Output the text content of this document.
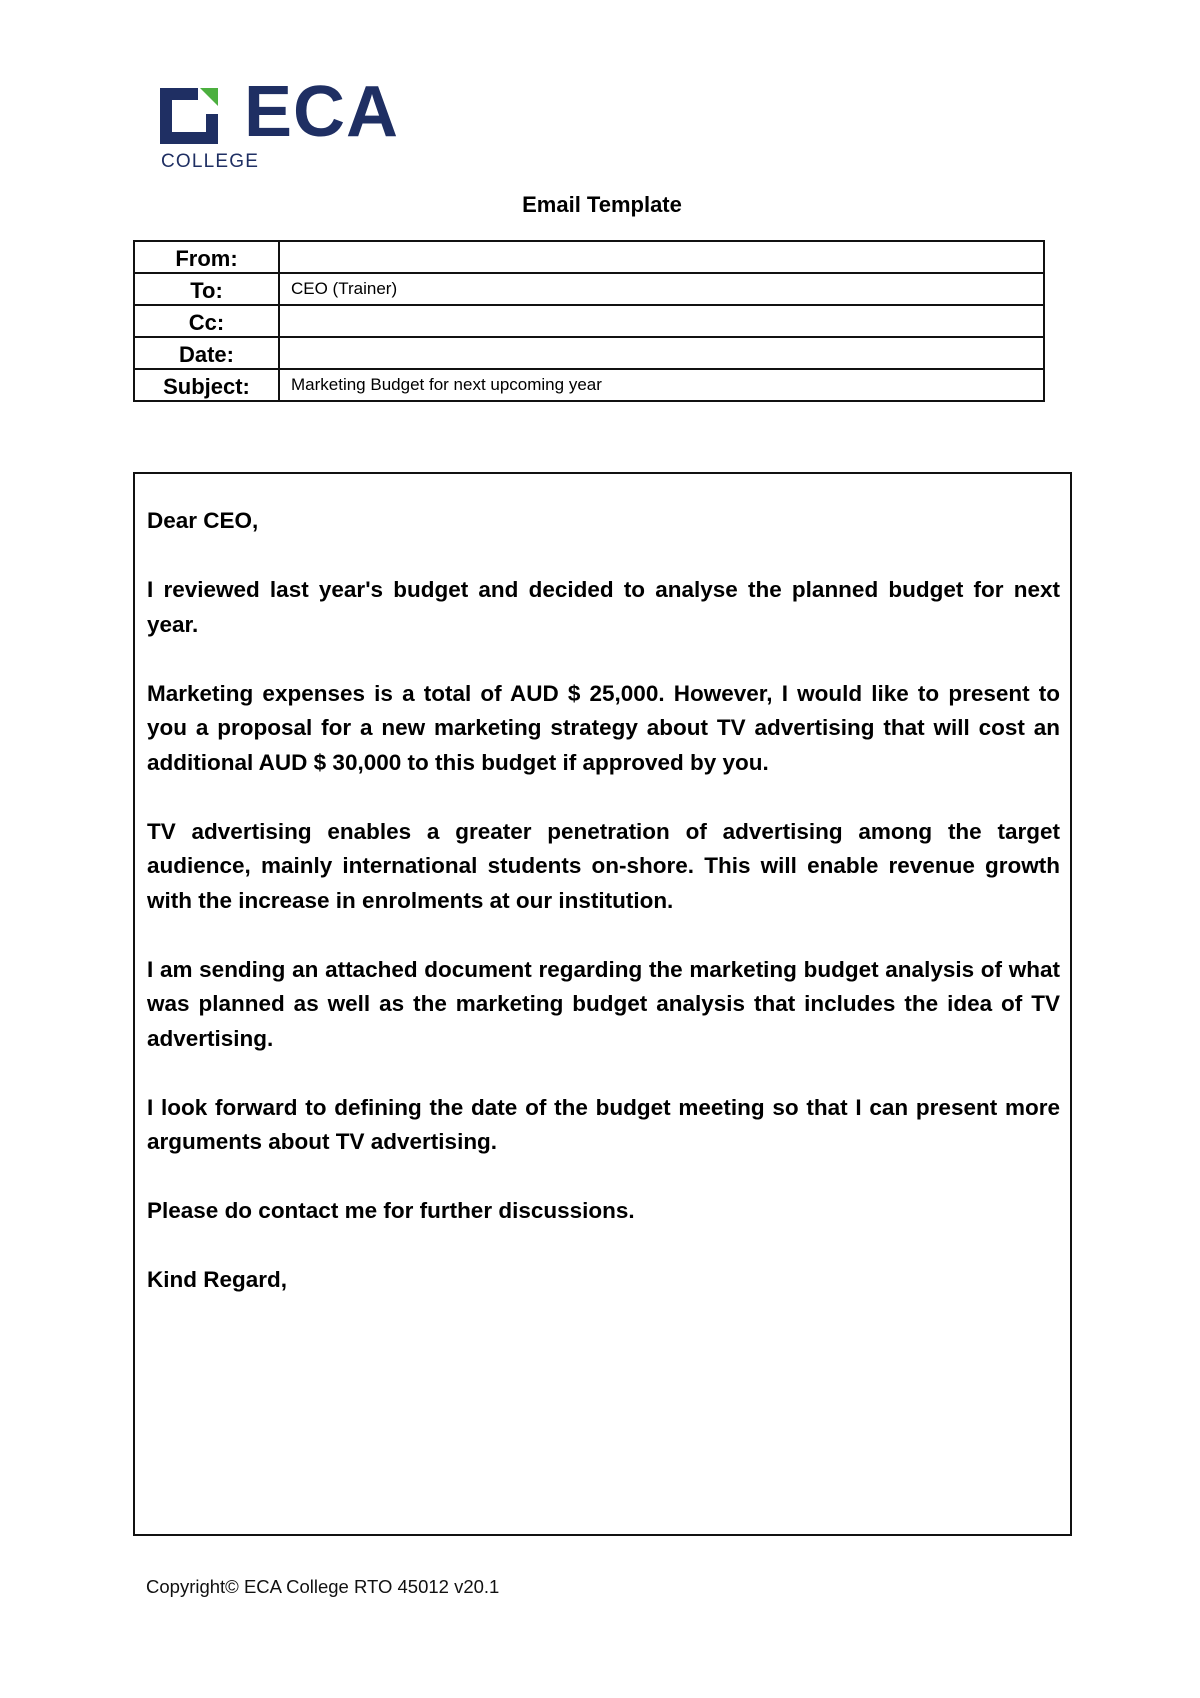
ECA
COLLEGE
Email Template
From:	
To:	CEO (Trainer)
Cc:	
Date:	
Subject:	Marketing Budget for next upcoming year

Dear CEO,

I reviewed last year's budget and decided to analyse the planned budget for next year.

Marketing expenses is a total of AUD $ 25,000. However, I would like to present to you a proposal for a new marketing strategy about TV advertising that will cost an additional AUD $ 30,000 to this budget if approved by you.

TV advertising enables a greater penetration of advertising among the target audience, mainly international students on-shore. This will enable revenue growth with the increase in enrolments at our institution.

I am sending an attached document regarding the marketing budget analysis of what was planned as well as the marketing budget analysis that includes the idea of TV advertising.

I look forward to defining the date of the budget meeting so that I can present more arguments about TV advertising.

Please do contact me for further discussions.

Kind Regard,

Copyright© ECA College RTO 45012 v20.1
